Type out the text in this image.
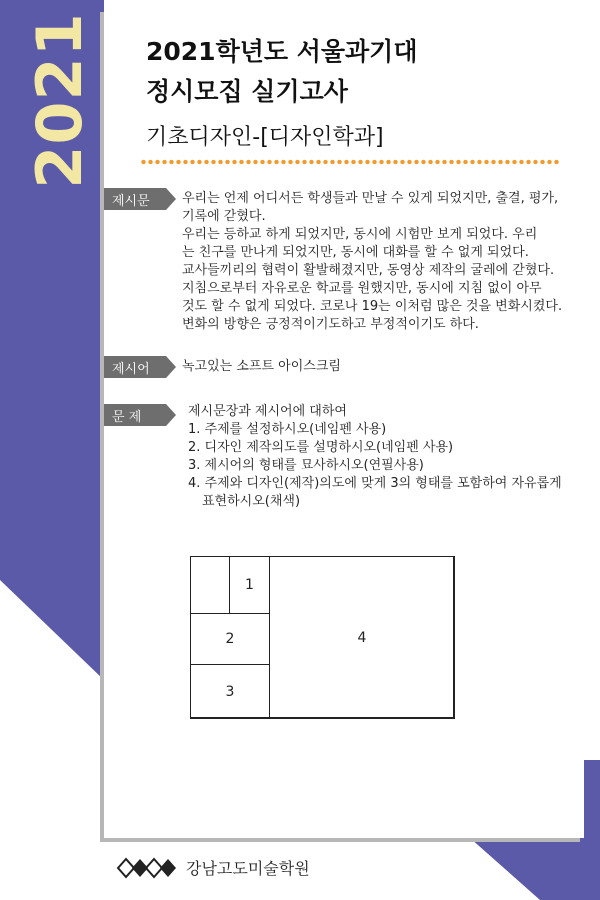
2021 2021학년도 서울과기대
정시모집 실기고사
기초디자인-[디자인학과]
제시문 우리는 언제 어디서든 학생들과 만날 수 있게 되었지만, 출결, 평가,

기록에 갇혔다.

우리는 등하교 하게 되었지만, 동시에 시험만 보게 되었다. 우리

는 친구를 만나게 되었지만, 동시에 대화를 할 수 없게 되었다.

교사들끼리의 협력이 활발해졌지만, 동영상 제작의 굴레에 갇혔다.

지침으로부터 자유로운 학교를 원했지만, 동시에 지침 없이 아무

것도 할 수 없게 되었다. 코로나 19는 이처럼 많은 것을 변화시켰다.

변화의 방향은 긍정적이기도하고 부정적이기도 하다.

제시어 녹고있는 소프트 아이스크림
문 제	제시문장과 제시어에 대하여

1. 주제를 설정하시오(네임펜 사용)
2. 디자인 제작의도를 설명하시오(네임펜 사용)
3. 제시어의 형태를 묘사하시오(연필사용)
4. 주제와 디자인(제작)의도에 맞게 3의 형태를 포함하여 자유롭게
표현하시오(채색)
1
2
3
4
강남고도미술학원
